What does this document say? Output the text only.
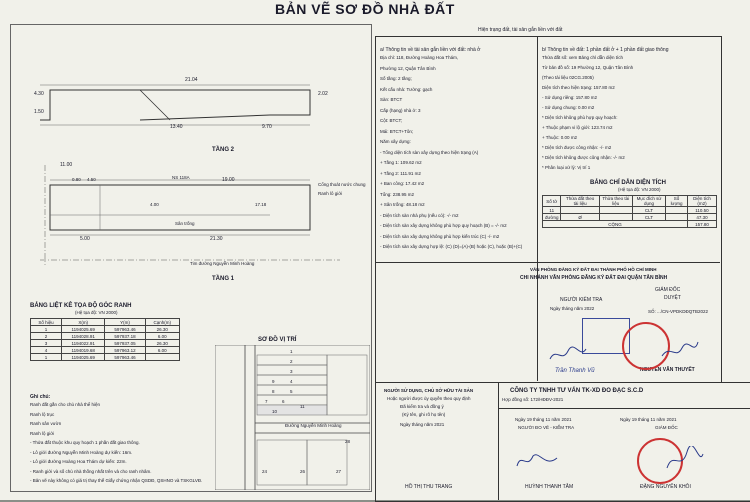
BẢN VẼ SƠ ĐỒ NHÀ ĐẤT
Hiện trạng đất, tài sản gắn liền với đất
21.04
13.40	9.70
4.30
1.50
2.02
TẦNG 2
11.00
0.80 4.50	19.00
4.00	17.18
5.00	21.30
NS 118A
Sân trống
Cổng thoát nước chung
Ranh lô giới
Tim đường Nguyễn Minh Hoàng
TẦNG 1
BẢNG LIỆT KÊ TỌA ĐỘ GÓC RANH
(Hệ tọa độ: VN 2000)
Số hiệu	X(m)	Y(m)	Cạnh(m)
1	1194025.69	597963.46	26.30
2	1194028.91	597937.18	6.00
3	1194022.91	597937.05	26.30
4	1194019.68	597963.12	6.00
1	1194025.69	597963.46	
Ghi chú:
Ranh đất gắn cho chủ nhà thể hiện
Ranh lộ trục
Ranh sân vườn
Ranh lộ giới
- Thửa đất thuộc khu quy hoạch 1 phần đất giao thông.
- Lô giới đường Nguyễn Minh Hoàng dự kiến: 16m.
- Lô giới đường Hoàng Hoa Thám dự kiến: 22m.
- Ranh giới và số chủ nhà thống nhất trên và cho ranh nhâm.
- Bản vẽ này không có giá trị thay thế Giấy chứng nhận QSDĐ, QSHNO và TSKGLVĐ.
SƠ ĐỒ VỊ TRÍ
1
2
3
4
5
6
7
8
9
10
11
24	26	27
28
Đường Nguyễn Minh Hoàng
a/ Thông tin về tài sản gắn liền với đất: nhà ở
Địa chỉ: 118, Đường Hoàng Hoa Thám,
Phường 12, Quận Tân Bình
Số tầng: 2 tầng;
Kết cấu nhà: Tường: gạch
Sàn: BTCT
Cấp (hạng) nhà ở: 3
Cột: BTCT;
Mái: BTCT+Tôn;
Năm xây dựng:
- Tổng diện tích sàn xây dựng theo hiện trạng (A)
+ Tầng 1: 109.62 m2
+ Tầng 2: 111.91 m2
+ Ban công: 17.42 m2
Tổng: 238.95 m2
+ Sân trống: 48.18 m2
- Diện tích sàn nhà phụ (nếu có): -/- m2
- Diện tích sàn xây dựng không phù hợp quy hoạch (B) = -/- m2
- Diện tích sàn xây dựng không phù hợp kiến trúc (C) -/- m2
- Diện tích sàn xây dựng hợp lệ: (C) (D)=(A)-(B) hoặc (C), hoặc (B)+(C)
b/ Thông tin về đất: 1 phần đất ở + 1 phần đất giao thông
Thửa đất số: xem Bảng chỉ dẫn diện tích
Tờ bản đồ số: 19 Phường 12, Quận Tân Bình
(Theo tài liệu 02CG.2005)
Diện tích theo hiện trạng: 157.80 m2
- Sử dụng riêng: 157.80 m2
- Sử dụng chung: 0.00 m2
* Diện tích không phù hợp quy hoạch:
+ Thuộc phạm vi lộ giới: 123.74 m2
+ Thuộc: 0.00 m2
* Diện tích được công nhận: -/- m2
* Diện tích không được công nhận: -/- m2
* Phân loại xử lý: Vị trí 1
BẢNG CHỈ DẪN DIỆN TÍCH
(Hệ tọa độ: VN 2000)
Số tờ	Thửa đất theo tài liệu	Thửa theo tài liệu	Mục đích sử dụng	Số lượng	Diện tích (m2)
11			CLT		110.50
đường	Ø		CLT		47.30
CỘNG					157.80
VĂN PHÒNG ĐĂNG KÝ ĐẤT ĐAI THÀNH PHỐ HỒ CHÍ MINH
CHI NHÁNH VĂN PHÒNG ĐĂNG KÝ ĐẤT ĐAI QUẬN TÂN BÌNH
NGƯỜI KIỂM TRA
Ngày tháng năm 2022
GIÁM ĐỐC
DUYỆT
SỐ: .../CN-VPDKDĐQTB2022
Trần Thanh Vũ	NGUYỄN VĂN THUYẾT
NGƯỜI SỬ DỤNG, CHỦ SỞ HỮU TÀI SẢN
Hoặc người được ủy quyền theo quy định
Đã kiểm tra và đồng ý
(Ký tên, ghi rõ họ tên)
Ngày tháng năm 2021
HỒ THỊ THU TRANG
CÔNG TY TNHH TƯ VẤN TK-XD ĐO ĐẠC S.C.D
Hợp đồng số: 172/HĐĐV-2021
Ngày 19 tháng 11 năm 2021
NGƯỜI ĐO VẼ - KIỂM TRA
HUỲNH THANH TÂM
Ngày 19 tháng 11 năm 2021
GIÁM ĐỐC
ĐẶNG NGUYỄN KHÔI
